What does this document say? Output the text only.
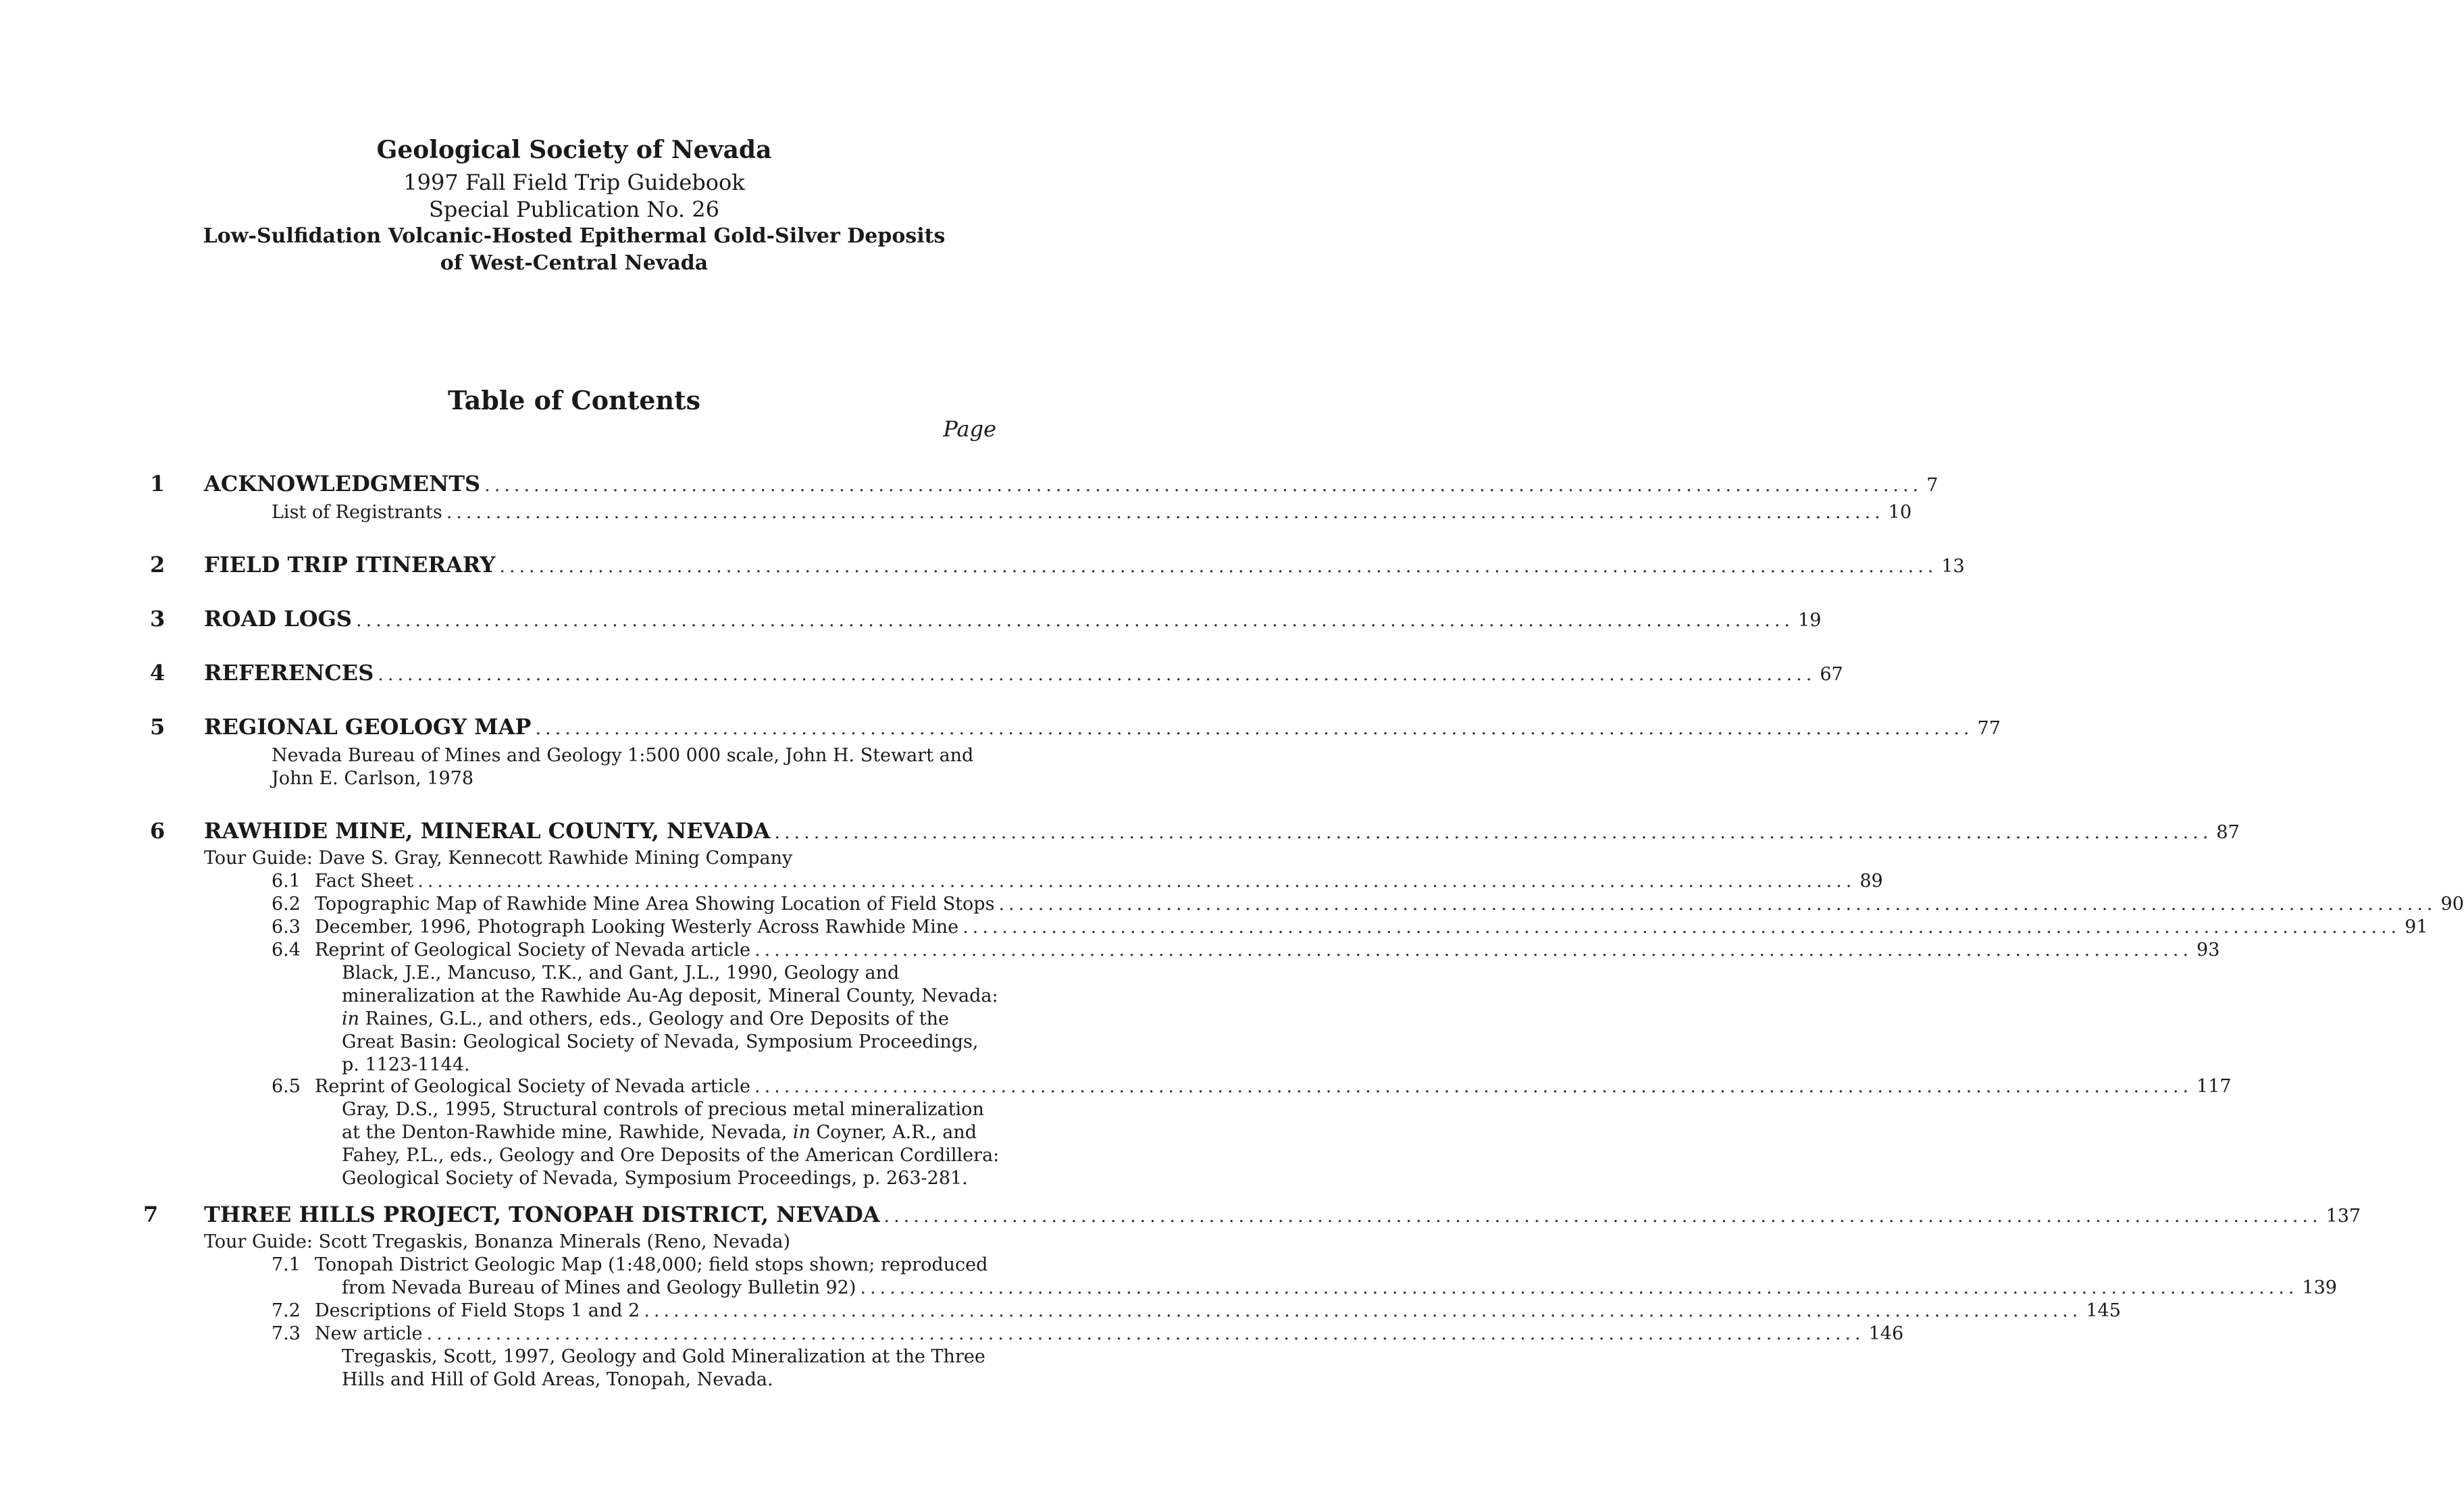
Geological Society of Nevada
1997 Fall Field Trip Guidebook
Special Publication No. 26
Low-Sulfidation Volcanic-Hosted Epithermal Gold-Silver Deposits
of West-Central Nevada
Table of Contents
Page
1 ACKNOWLEDGMENTS .................................................................................................................................................. 7
List of Registrants .................................................................................................................................................. 10
2 FIELD TRIP ITINERARY .................................................................................................................................................. 13
3 ROAD LOGS .................................................................................................................................................. 19
4 REFERENCES .................................................................................................................................................. 67
5 REGIONAL GEOLOGY MAP .................................................................................................................................................. 77
Nevada Bureau of Mines and Geology 1:500 000 scale, John H. Stewart and
John E. Carlson, 1978
6 RAWHIDE MINE, MINERAL COUNTY, NEVADA .................................................................................................................................................. 87
Tour Guide: Dave S. Gray, Kennecott Rawhide Mining Company
6.1 Fact Sheet .................................................................................................................................................. 89
6.2 Topographic Map of Rawhide Mine Area Showing Location of Field Stops .................................................................................................................................................. 90
6.3 December, 1996, Photograph Looking Westerly Across Rawhide Mine .................................................................................................................................................. 91
6.4 Reprint of Geological Society of Nevada article .................................................................................................................................................. 93
Black, J.E., Mancuso, T.K., and Gant, J.L., 1990, Geology and
mineralization at the Rawhide Au-Ag deposit, Mineral County, Nevada:
in Raines, G.L., and others, eds., Geology and Ore Deposits of the
Great Basin: Geological Society of Nevada, Symposium Proceedings,
p. 1123-1144.
6.5 Reprint of Geological Society of Nevada article .................................................................................................................................................. 117
Gray, D.S., 1995, Structural controls of precious metal mineralization
at the Denton-Rawhide mine, Rawhide, Nevada, in Coyner, A.R., and
Fahey, P.L., eds., Geology and Ore Deposits of the American Cordillera:
Geological Society of Nevada, Symposium Proceedings, p. 263-281.
7 THREE HILLS PROJECT, TONOPAH DISTRICT, NEVADA .................................................................................................................................................. 137
Tour Guide: Scott Tregaskis, Bonanza Minerals (Reno, Nevada)
7.1 Tonopah District Geologic Map (1:48,000; field stops shown; reproduced
from Nevada Bureau of Mines and Geology Bulletin 92) .................................................................................................................................................. 139
7.2 Descriptions of Field Stops 1 and 2 .................................................................................................................................................. 145
7.3 New article .................................................................................................................................................. 146
Tregaskis, Scott, 1997, Geology and Gold Mineralization at the Three
Hills and Hill of Gold Areas, Tonopah, Nevada.
